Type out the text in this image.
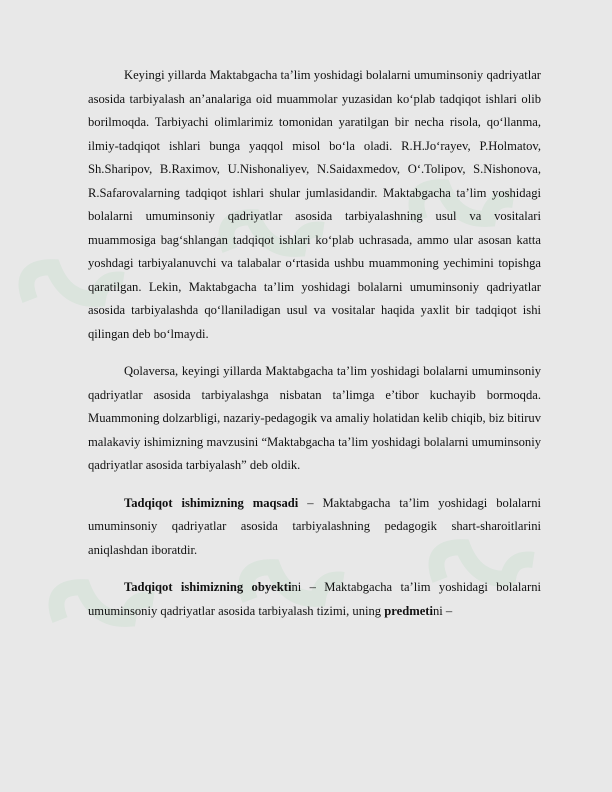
Keyingi yillarda Maktabgacha ta’lim yoshidagi bolalarni umuminsoniy qadriyatlar asosida tarbiyalash an’analariga oid muammolar yuzasidan ko‘plab tadqiqot ishlari olib borilmoqda. Tarbiyachi olimlarimiz tomonidan yaratilgan bir necha risola, qo‘llanma, ilmiy-tadqiqot ishlari bunga yaqqol misol bo‘la oladi. R.H.Jo‘rayev, P.Holmatov, Sh.Sharipov, B.Raximov, U.Nishonaliyev, N.Saidaxmedov, O‘.Tolipov, S.Nishonova, R.Safarovalarning tadqiqot ishlari shular jumlasidandir. Maktabgacha ta’lim yoshidagi bolalarni umuminsoniy qadriyatlar asosida tarbiyalashning usul va vositalari muammosiga bag‘shlangan tadqiqot ishlari ko‘plab uchrasada, ammo ular asosan katta yoshdagi tarbiyalanuvchi va talabalar o‘rtasida ushbu muammoning yechimini topishga qaratilgan. Lekin, Maktabgacha ta’lim yoshidagi bolalarni umuminsoniy qadriyatlar asosida tarbiyalashda qo‘llaniladigan usul va vositalar haqida yaxlit bir tadqiqot ishi qilingan deb bo‘lmaydi.

Qolaversa, keyingi yillarda Maktabgacha ta’lim yoshidagi bolalarni umuminsoniy qadriyatlar asosida tarbiyalashga nisbatan ta’limga e’tibor kuchayib bormoqda. Muammoning dolzarbligi, nazariy-pedagogik va amaliy holatidan kelib chiqib, biz bitiruv malakaviy ishimizning mavzusini “Maktabgacha ta’lim yoshidagi bolalarni umuminsoniy qadriyatlar asosida tarbiyalash” deb oldik.

Tadqiqot ishimizning maqsadi – Maktabgacha ta’lim yoshidagi bolalarni umuminsoniy qadriyatlar asosida tarbiyalashning pedagogik shart-sharoitlarini aniqlashdan iboratdir.

Tadqiqot ishimizning obyektini – Maktabgacha ta’lim yoshidagi bolalarni umuminsoniy qadriyatlar asosida tarbiyalash tizimi, uning predmetini –
